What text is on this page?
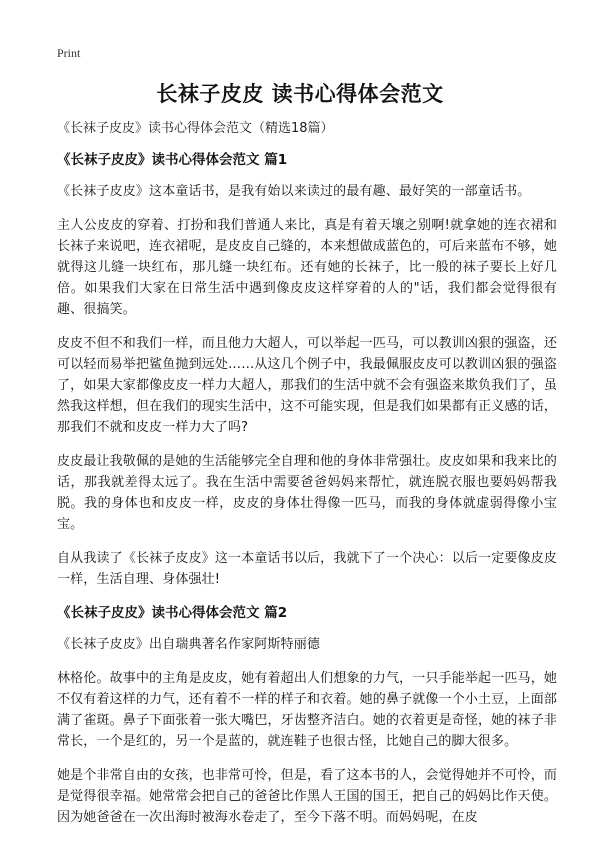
Print
长袜子皮皮 读书心得体会范文

《长袜子皮皮》读书心得体会范文（精选18篇）

《长袜子皮皮》读书心得体会范文 篇1

《长袜子皮皮》这本童话书，是我有始以来读过的最有趣、最好笑的一部童话书。

主人公皮皮的穿着、打扮和我们普通人来比，真是有着天壤之别啊!就拿她的连衣裙和长袜子来说吧，连衣裙呢，是皮皮自己缝的，本来想做成蓝色的，可后来蓝布不够，她就得这儿缝一块红布，那儿缝一块红布。还有她的长袜子，比一般的袜子要长上好几倍。如果我们大家在日常生活中遇到像皮皮这样穿着的人的"话，我们都会觉得很有趣、很搞笑。

皮皮不但不和我们一样，而且他力大超人，可以举起一匹马，可以教训凶狠的强盗，还可以轻而易举把鲨鱼抛到远处……从这几个例子中，我最佩服皮皮可以教训凶狠的强盗了，如果大家都像皮皮一样力大超人，那我们的生活中就不会有强盗来欺负我们了，虽然我这样想，但在我们的现实生活中，这不可能实现，但是我们如果都有正义感的话，那我们不就和皮皮一样力大了吗?

皮皮最让我敬佩的是她的生活能够完全自理和他的身体非常强壮。皮皮如果和我来比的话，那我就差得太远了。我在生活中需要爸爸妈妈来帮忙，就连脱衣服也要妈妈帮我脱。我的身体也和皮皮一样，皮皮的身体壮得像一匹马，而我的身体就虚弱得像小宝宝。

自从我读了《长袜子皮皮》这一本童话书以后，我就下了一个决心：以后一定要像皮皮一样，生活自理、身体强壮!

《长袜子皮皮》读书心得体会范文 篇2

《长袜子皮皮》出自瑞典著名作家阿斯特丽德

林格伦。故事中的主角是皮皮，她有着超出人们想象的力气，一只手能举起一匹马，她不仅有着这样的力气，还有着不一样的样子和衣着。她的鼻子就像一个小土豆，上面部满了雀斑。鼻子下面张着一张大嘴巴，牙齿整齐洁白。她的衣着更是奇怪，她的袜子非常长，一个是红的，另一个是蓝的，就连鞋子也很古怪，比她自己的脚大很多。

她是个非常自由的女孩，也非常可怜，但是，看了这本书的人，会觉得她并不可怜，而是觉得很幸福。她常常会把自己的爸爸比作黑人王国的国王，把自己的妈妈比作天使。因为她爸爸在一次出海时被海水卷走了，至今下落不明。而妈妈呢，在皮
